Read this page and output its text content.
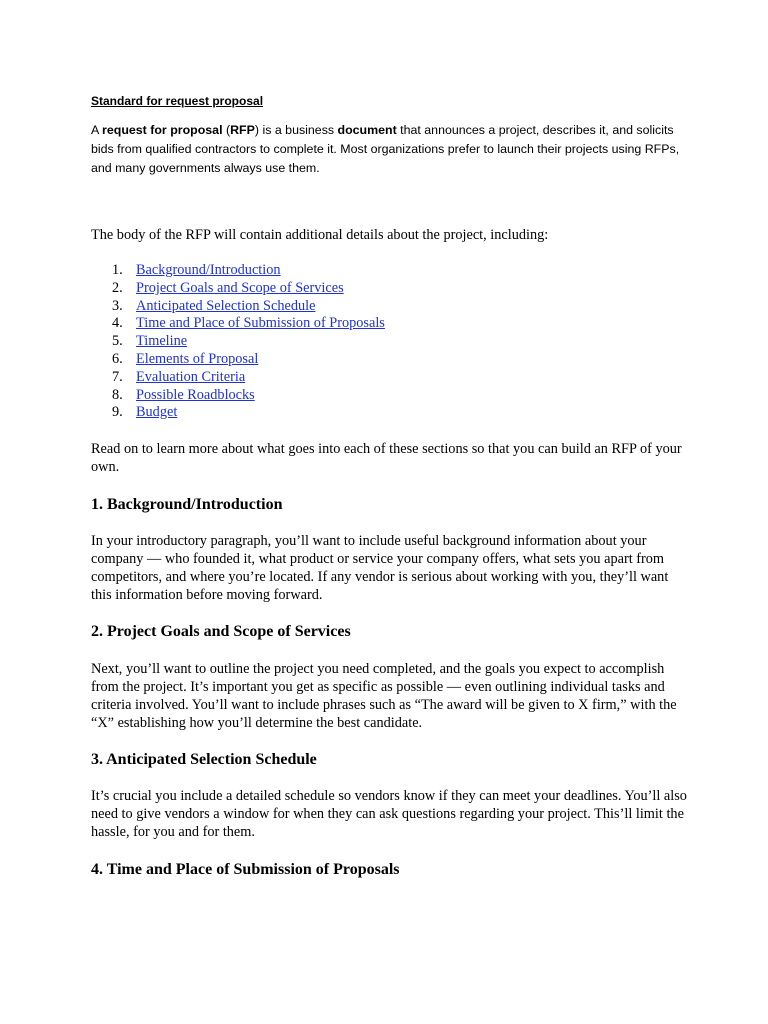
Standard for request proposal

A request for proposal (RFP) is a business document that announces a project, describes it, and solicits bids from qualified contractors to complete it. Most organizations prefer to launch their projects using RFPs, and many governments always use them.

The body of the RFP will contain additional details about the project, including:

1. Background/Introduction
2. Project Goals and Scope of Services
3. Anticipated Selection Schedule
4. Time and Place of Submission of Proposals
5. Timeline
6. Elements of Proposal
7. Evaluation Criteria
8. Possible Roadblocks
9. Budget

Read on to learn more about what goes into each of these sections so that you can build an RFP of your own.

1. Background/Introduction

In your introductory paragraph, you’ll want to include useful background information about your company — who founded it, what product or service your company offers, what sets you apart from competitors, and where you’re located. If any vendor is serious about working with you, they’ll want this information before moving forward.

2. Project Goals and Scope of Services

Next, you’ll want to outline the project you need completed, and the goals you expect to accomplish from the project. It’s important you get as specific as possible — even outlining individual tasks and criteria involved. You’ll want to include phrases such as “The award will be given to X firm,” with the “X” establishing how you’ll determine the best candidate.

3. Anticipated Selection Schedule

It’s crucial you include a detailed schedule so vendors know if they can meet your deadlines. You’ll also need to give vendors a window for when they can ask questions regarding your project. This’ll limit the hassle, for you and for them.

4. Time and Place of Submission of Proposals
